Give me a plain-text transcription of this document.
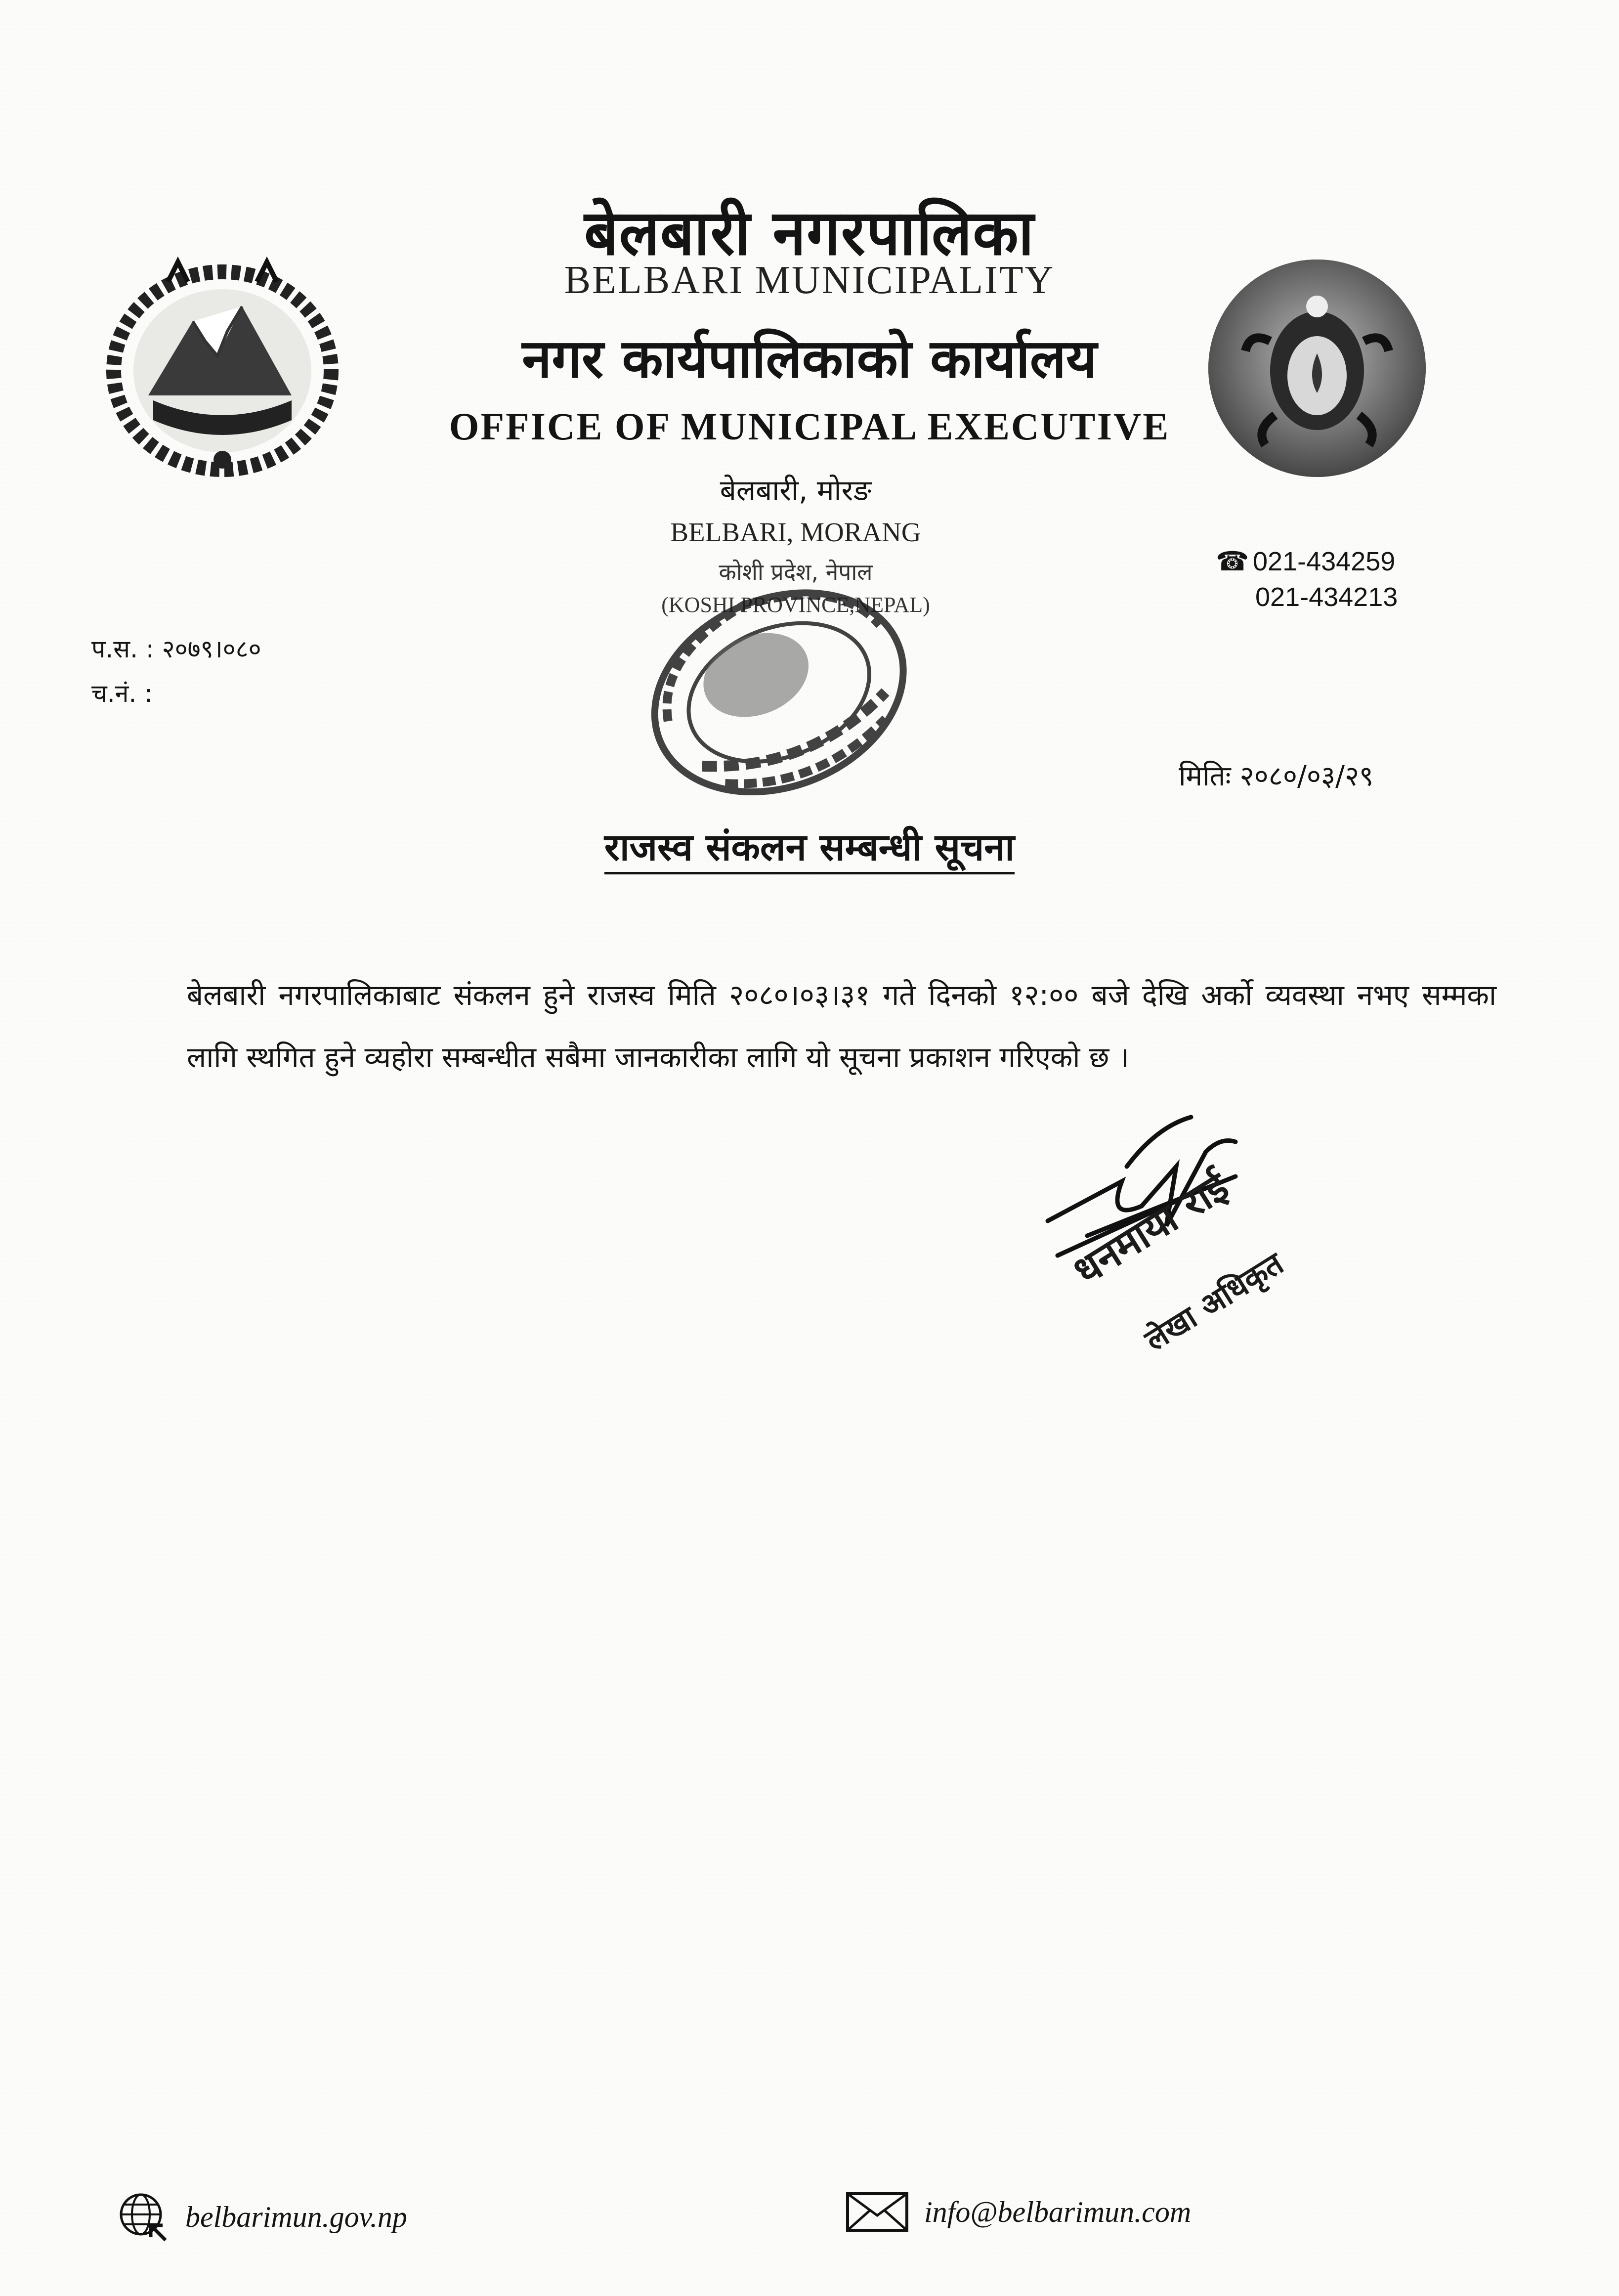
बेलबारी नगरपालिका
BELBARI MUNICIPALITY
नगर कार्यपालिकाको कार्यालय
OFFICE OF MUNICIPAL EXECUTIVE
बेलबारी, मोरङ
BELBARI, MORANG
कोशी प्रदेश, नेपाल
(KOSHI PROVINCE,NEPAL)
☎ 021-434259
021-434213
प.स. : २०७९।०८०
च.नं. :
मितिः २०८०/०३/२९
राजस्व संकलन सम्बन्धी सूचना
बेलबारी नगरपालिकाबाट संकलन हुने राजस्व मिति २०८०।०३।३१ गते दिनको १२:०० बजे देखि अर्को व्यवस्था नभए सम्मका लागि स्थगित हुने व्यहोरा सम्बन्धीत सबैमा जानकारीका लागि यो सूचना प्रकाशन गरिएको छ ।
धनमाया राई
लेखा अधिकृत
belbarimun.gov.np	info@belbarimun.com
